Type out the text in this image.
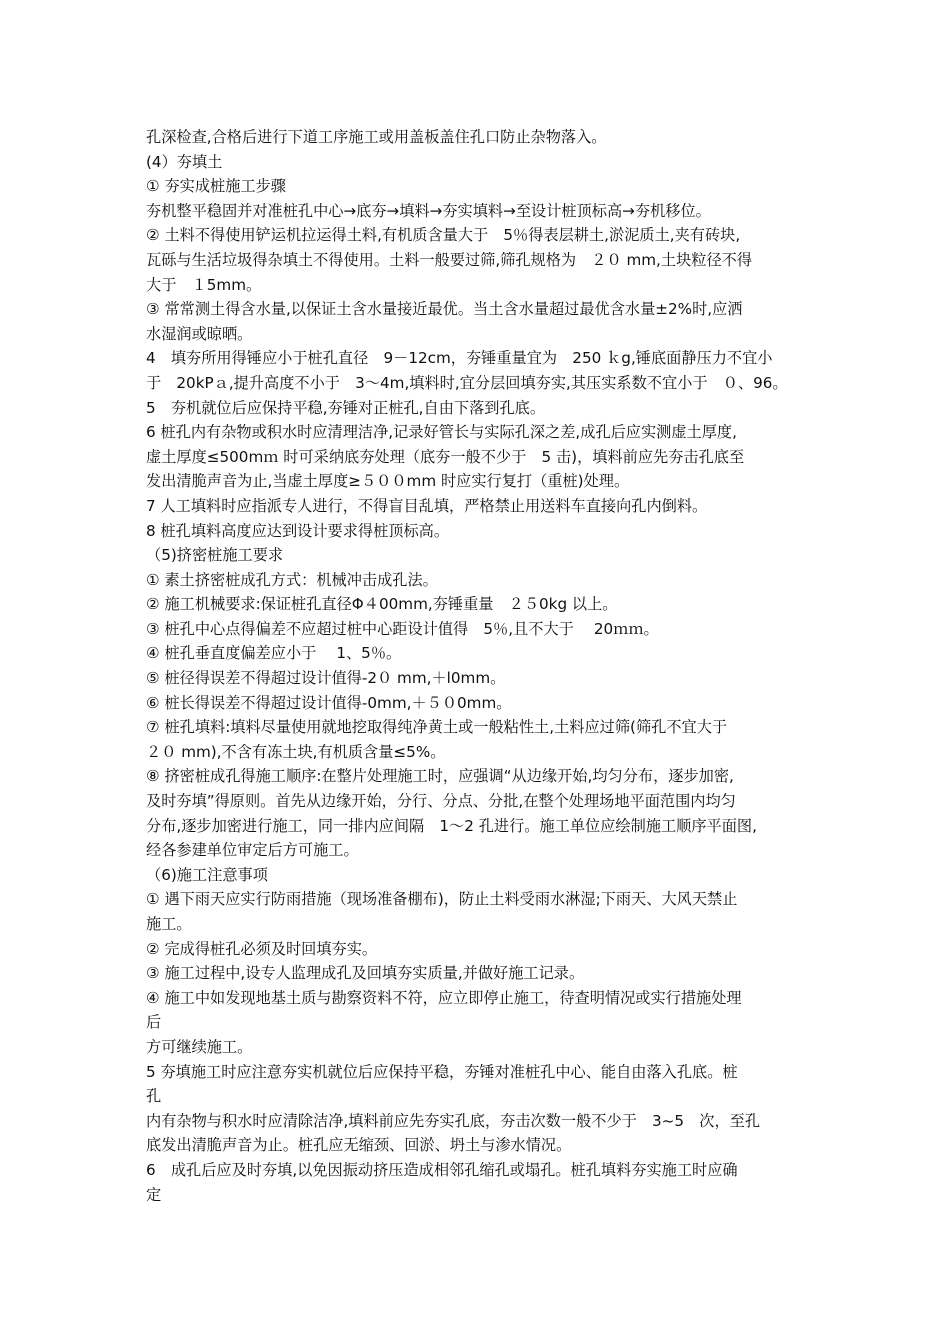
孔深检查,合格后进行下道工序施工或用盖板盖住孔口防止杂物落入。
(4）夯填土
① 夯实成桩施工步骤
夯机整平稳固并对准桩孔中心→底夯→填料→夯实填料→至设计桩顶标高→夯机移位。
② 土料不得使用铲运机拉运得土料,有机质含量大于　5％得表层耕土,淤泥质土,夹有砖块,
瓦砾与生活垃圾得杂填土不得使用。土料一般要过筛,筛孔规格为　２０ mm,土块粒径不得
大于　１5mm。
③ 常常测土得含水量,以保证土含水量接近最优。当土含水量超过最优含水量±2%时,应洒
水湿润或晾晒。
4　填夯所用得锤应小于桩孔直径　9－12cm，夯锤重量宜为　250 ｋg,锤底面静压力不宜小
于　20kPａ,提升高度不小于　3～4m,填料时,宜分层回填夯实,其压实系数不宜小于　０、96。
5　夯机就位后应保持平稳,夯锤对正桩孔,自由下落到孔底。
6 桩孔内有杂物或积水时应清理洁净,记录好管长与实际孔深之差,成孔后应实测虚土厚度,
虚土厚度≤500mｍ 时可采纳底夯处理（底夯一般不少于　5 击)，填料前应先夯击孔底至
发出清脆声音为止,当虚土厚度≥５００mm 时应实行复打（重桩)处理。
7 人工填料时应指派专人进行，不得盲目乱填，严格禁止用送料车直接向孔内倒料。
8 桩孔填料高度应达到设计要求得桩顶标高。
（5)挤密桩施工要求
① 素土挤密桩成孔方式：机械冲击成孔法。
② 施工机械要求:保证桩孔直径Φ４00mm,夯锤重量　２５0kg 以上。
③ 桩孔中心点得偏差不应超过桩中心距设计值得　5％,且不大于　 20ｍｍ。
④ 桩孔垂直度偏差应小于　 1、5％。
⑤ 桩径得误差不得超过设计值得-2０ mm,＋l0mm。
⑥ 桩长得误差不得超过设计值得-0mm,＋５０0mm。
⑦ 桩孔填料:填料尽量使用就地挖取得纯净黄土或一般粘性土,土料应过筛(筛孔不宜大于
２０ mm),不含有冻土块,有机质含量≤5%。
⑧ 挤密桩成孔得施工顺序:在整片处理施工时，应强调“从边缘开始,均匀分布，逐步加密,
及时夯填”得原则。首先从边缘开始，分行、分点、分批,在整个处理场地平面范围内均匀
分布,逐步加密进行施工，同一排内应间隔　1～2 孔进行。施工单位应绘制施工顺序平面图,
经各参建单位审定后方可施工。
（6)施工注意事项
① 遇下雨天应实行防雨措施（现场准备棚布)，防止土料受雨水淋湿;下雨天、大风天禁止
施工。
② 完成得桩孔必须及时回填夯实。
③ 施工过程中,设专人监理成孔及回填夯实质量,并做好施工记录。
④ 施工中如发现地基土质与勘察资料不符，应立即停止施工，待查明情况或实行措施处理
后
方可继续施工。
5 夯填施工时应注意夯实机就位后应保持平稳，夯锤对准桩孔中心、能自由落入孔底。桩
孔
内有杂物与积水时应清除洁净,填料前应先夯实孔底，夯击次数一般不少于　3~5　次，至孔
底发出清脆声音为止。桩孔应无缩颈、回淤、坍土与渗水情况。
6　成孔后应及时夯填,以免因振动挤压造成相邻孔缩孔或塌孔。桩孔填料夯实施工时应确
定
